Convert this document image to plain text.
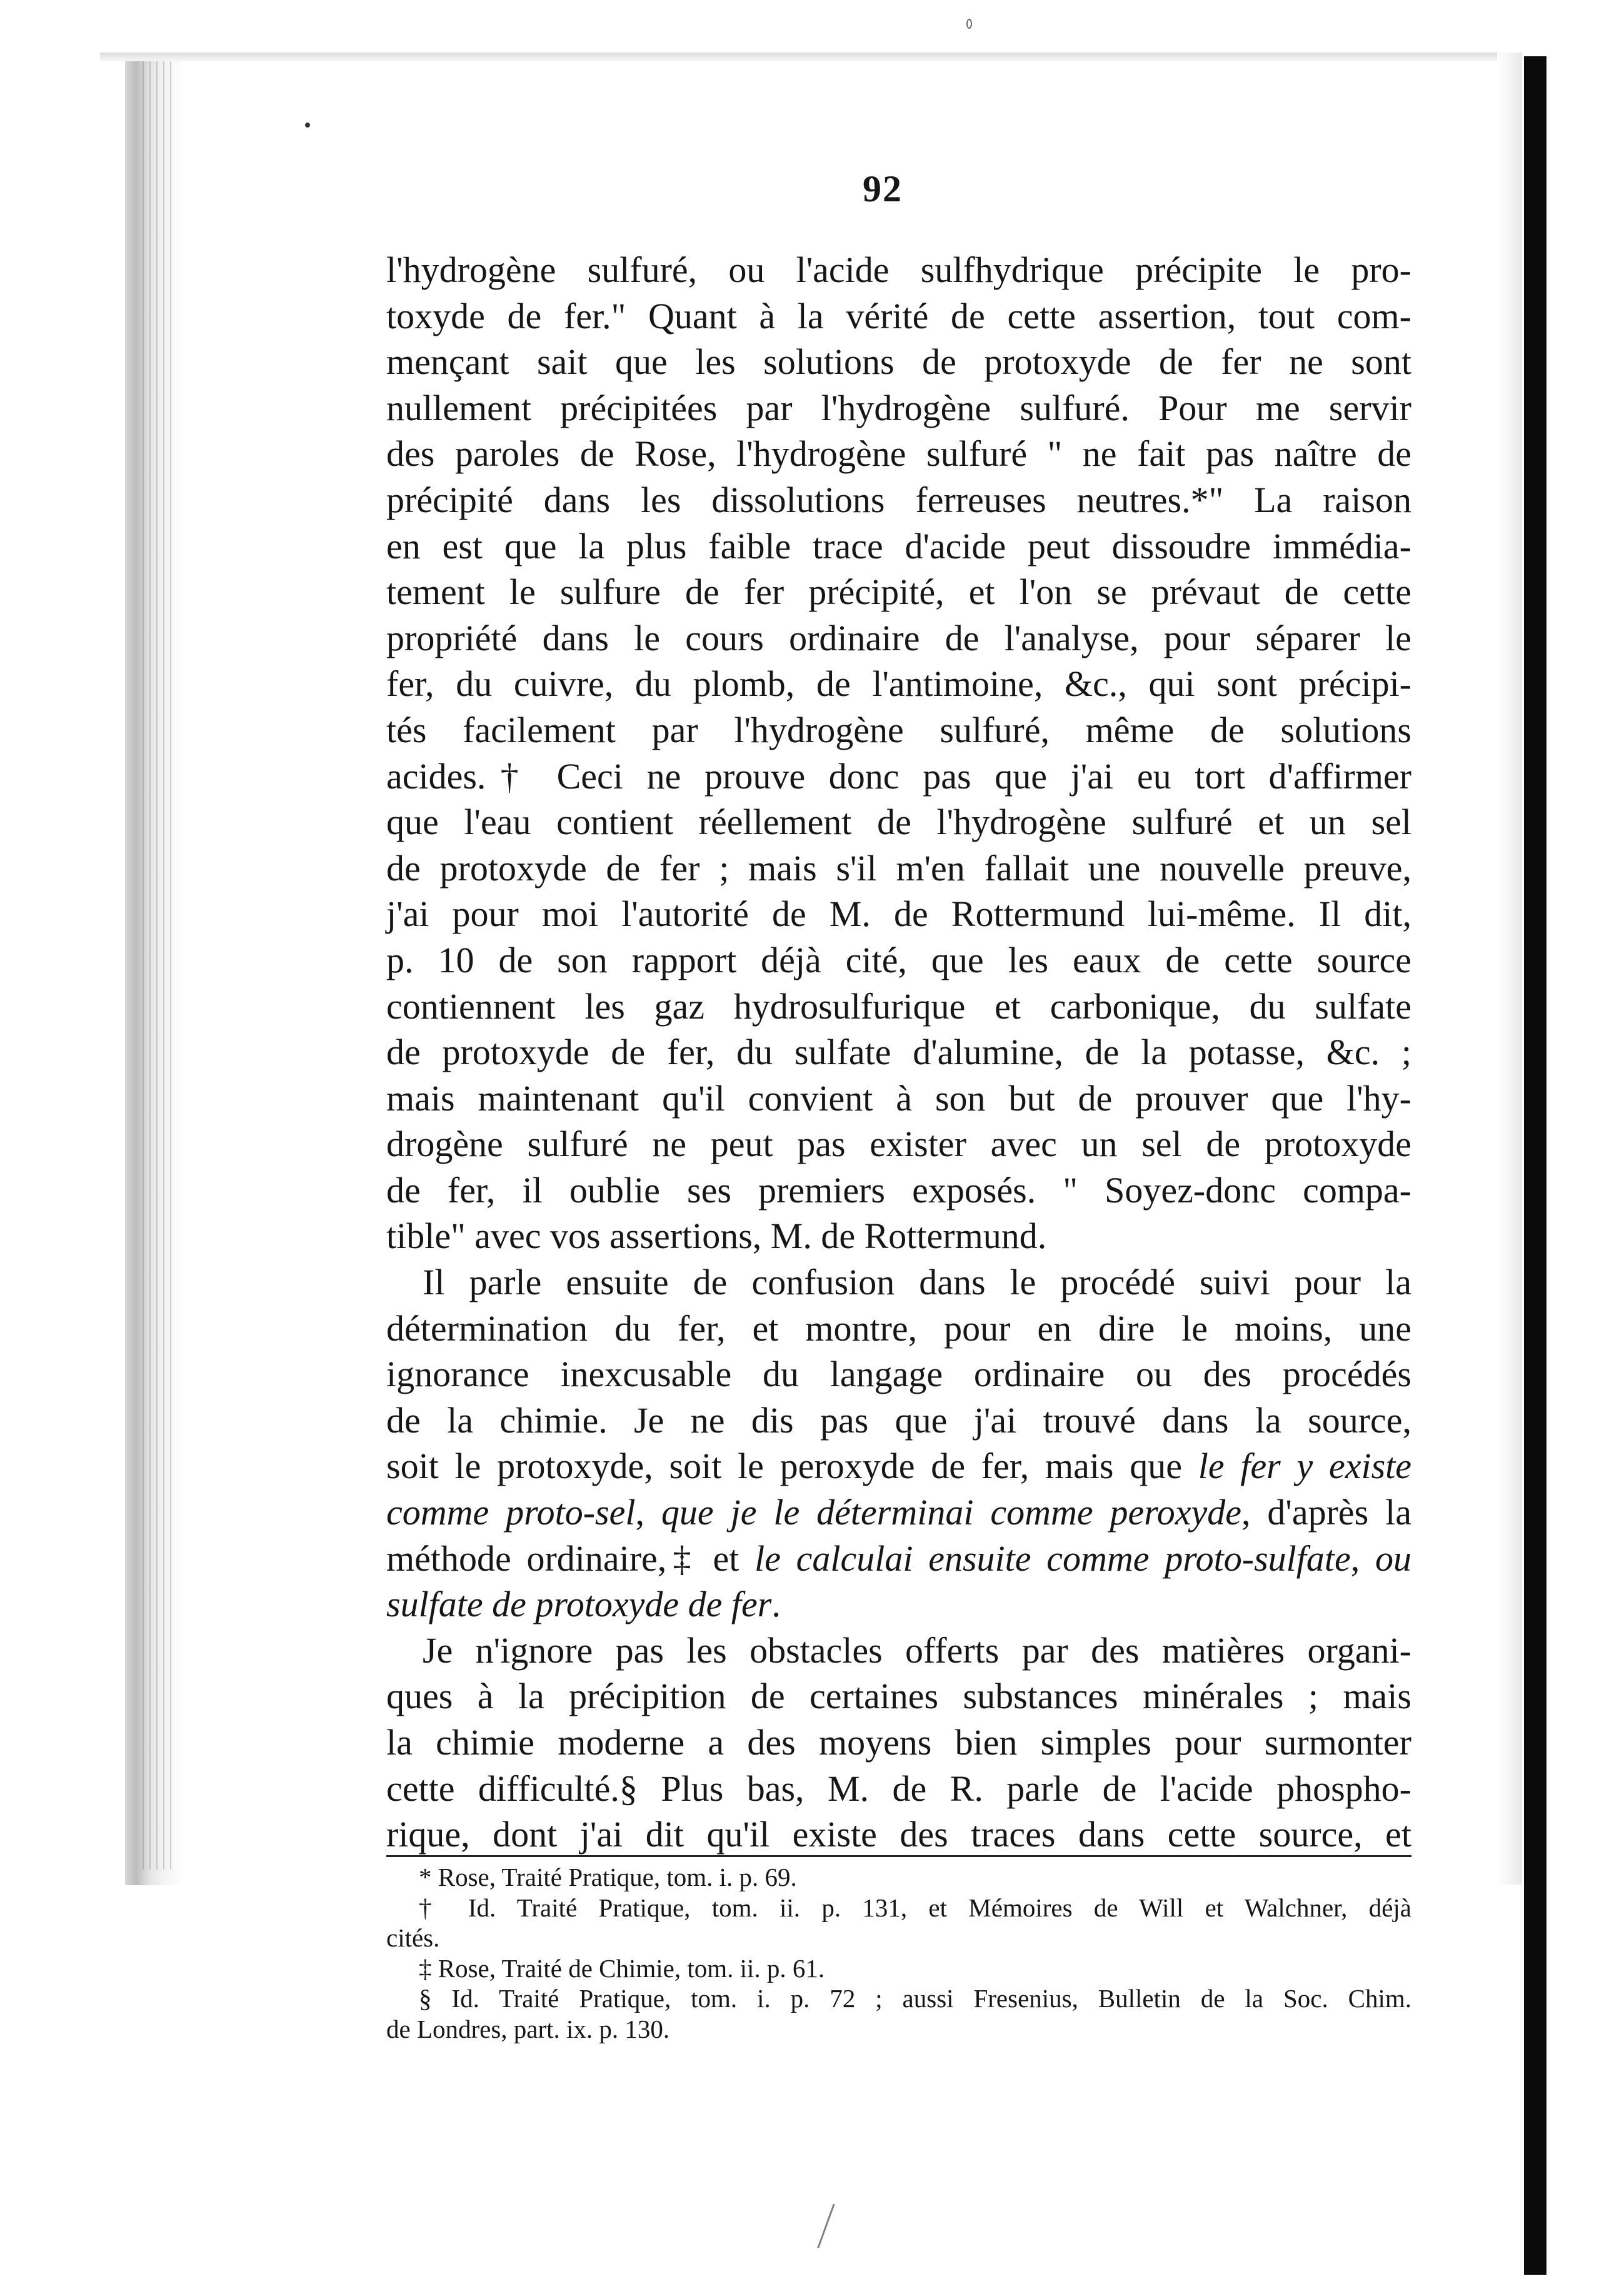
92
l'hydrogène sulfuré, ou l'acide sulfhydrique précipite le pro-
toxyde de fer." Quant à la vérité de cette assertion, tout com-
mençant sait que les solutions de protoxyde de fer ne sont
nullement précipitées par l'hydrogène sulfuré. Pour me servir
des paroles de Rose, l'hydrogène sulfuré " ne fait pas naître de
précipité dans les dissolutions ferreuses neutres.*" La raison
en est que la plus faible trace d'acide peut dissoudre immédia-
tement le sulfure de fer précipité, et l'on se prévaut de cette
propriété dans le cours ordinaire de l'analyse, pour séparer le
fer, du cuivre, du plomb, de l'antimoine, &c., qui sont précipi-
tés facilement par l'hydrogène sulfuré, même de solutions
acides.† Ceci ne prouve donc pas que j'ai eu tort d'affirmer
que l'eau contient réellement de l'hydrogène sulfuré et un sel
de protoxyde de fer ; mais s'il m'en fallait une nouvelle preuve,
j'ai pour moi l'autorité de M. de Rottermund lui-même. Il dit,
p. 10 de son rapport déjà cité, que les eaux de cette source
contiennent les gaz hydrosulfurique et carbonique, du sulfate
de protoxyde de fer, du sulfate d'alumine, de la potasse, &c. ;
mais maintenant qu'il convient à son but de prouver que l'hy-
drogène sulfuré ne peut pas exister avec un sel de protoxyde
de fer, il oublie ses premiers exposés. " Soyez-donc compa-
tible" avec vos assertions, M. de Rottermund.
Il parle ensuite de confusion dans le procédé suivi pour la
détermination du fer, et montre, pour en dire le moins, une
ignorance inexcusable du langage ordinaire ou des procédés
de la chimie. Je ne dis pas que j'ai trouvé dans la source,
soit le protoxyde, soit le peroxyde de fer, mais que le fer y existe
comme proto-sel, que je le déterminai comme peroxyde, d'après la
méthode ordinaire,‡ et le calculai ensuite comme proto-sulfate, ou
sulfate de protoxyde de fer.
Je n'ignore pas les obstacles offerts par des matières organi-
ques à la précipition de certaines substances minérales ; mais
la chimie moderne a des moyens bien simples pour surmonter
cette difficulté.§ Plus bas, M. de R. parle de l'acide phospho-
rique, dont j'ai dit qu'il existe des traces dans cette source, et
* Rose, Traité Pratique, tom. i. p. 69.
† Id. Traité Pratique, tom. ii. p. 131, et Mémoires de Will et Walchner, déjà
cités.
‡ Rose, Traité de Chimie, tom. ii. p. 61.
§ Id. Traité Pratique, tom. i. p. 72 ; aussi Fresenius, Bulletin de la Soc. Chim.
de Londres, part. ix. p. 130.
